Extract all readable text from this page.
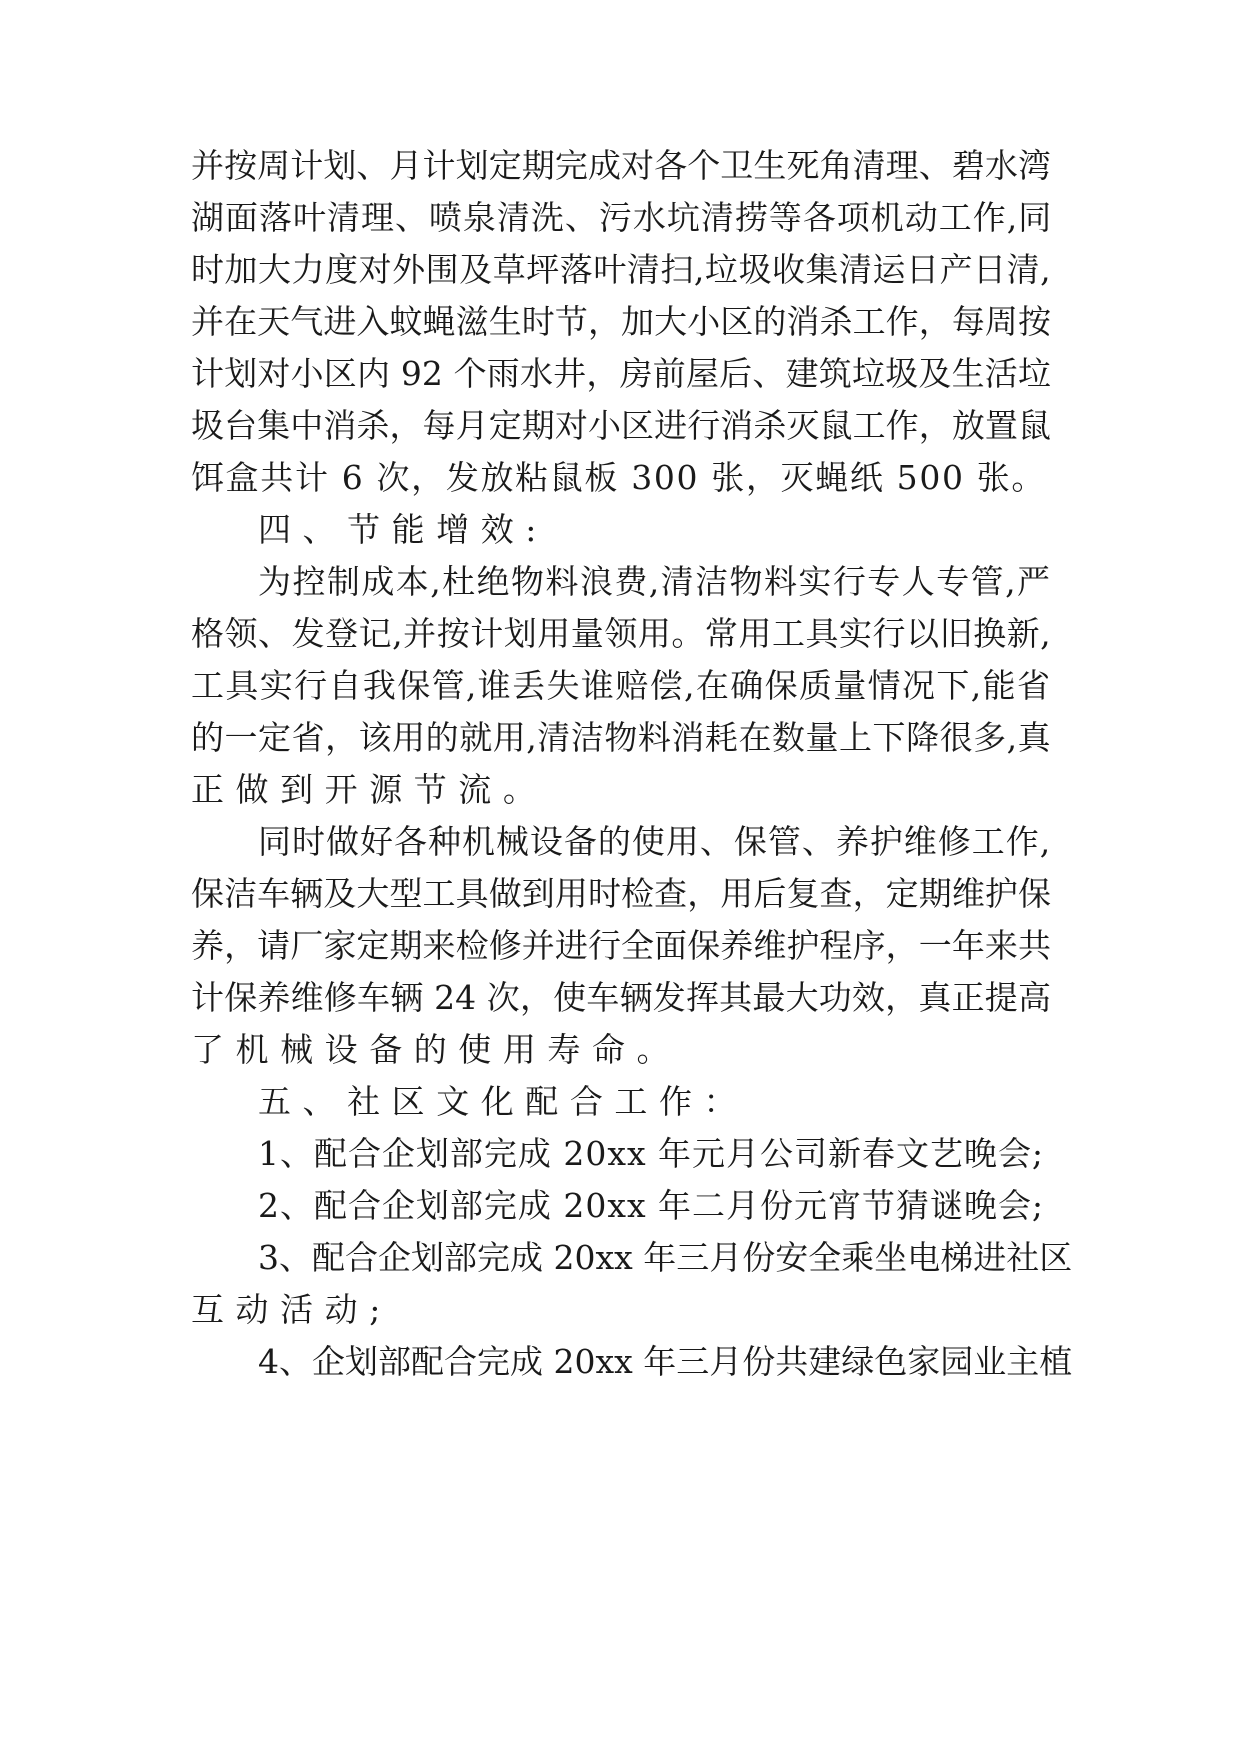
并按周计划、月计划定期完成对各个卫生死角清理、碧水湾
湖面落叶清理、喷泉清洗、污水坑清捞等各项机动工作,同
时加大力度对外围及草坪落叶清扫,垃圾收集清运日产日清,
并在天气进入蚊蝇滋生时节，加大小区的消杀工作，每周按
计划对小区内 92 个雨水井，房前屋后、建筑垃圾及生活垃
圾台集中消杀，每月定期对小区进行消杀灭鼠工作，放置鼠
饵盒共计 6 次，发放粘鼠板 300 张，灭蝇纸 500 张。
四、节能增效:
为控制成本,杜绝物料浪费,清洁物料实行专人专管,严
格领、发登记,并按计划用量领用。常用工具实行以旧换新,
工具实行自我保管,谁丢失谁赔偿,在确保质量情况下,能省
的一定省，该用的就用,清洁物料消耗在数量上下降很多,真
正做到开源节流。
同时做好各种机械设备的使用、保管、养护维修工作,
保洁车辆及大型工具做到用时检查，用后复查，定期维护保
养，请厂家定期来检修并进行全面保养维护程序，一年来共
计保养维修车辆 24 次，使车辆发挥其最大功效，真正提高
了机械设备的使用寿命。
五、社区文化配合工作：
1、配合企划部完成 20xx 年元月公司新春文艺晚会;
2、配合企划部完成 20xx 年二月份元宵节猜谜晚会;
3、配合企划部完成 20xx 年三月份安全乘坐电梯进社区
互动活动;
4、企划部配合完成 20xx 年三月份共建绿色家园业主植
